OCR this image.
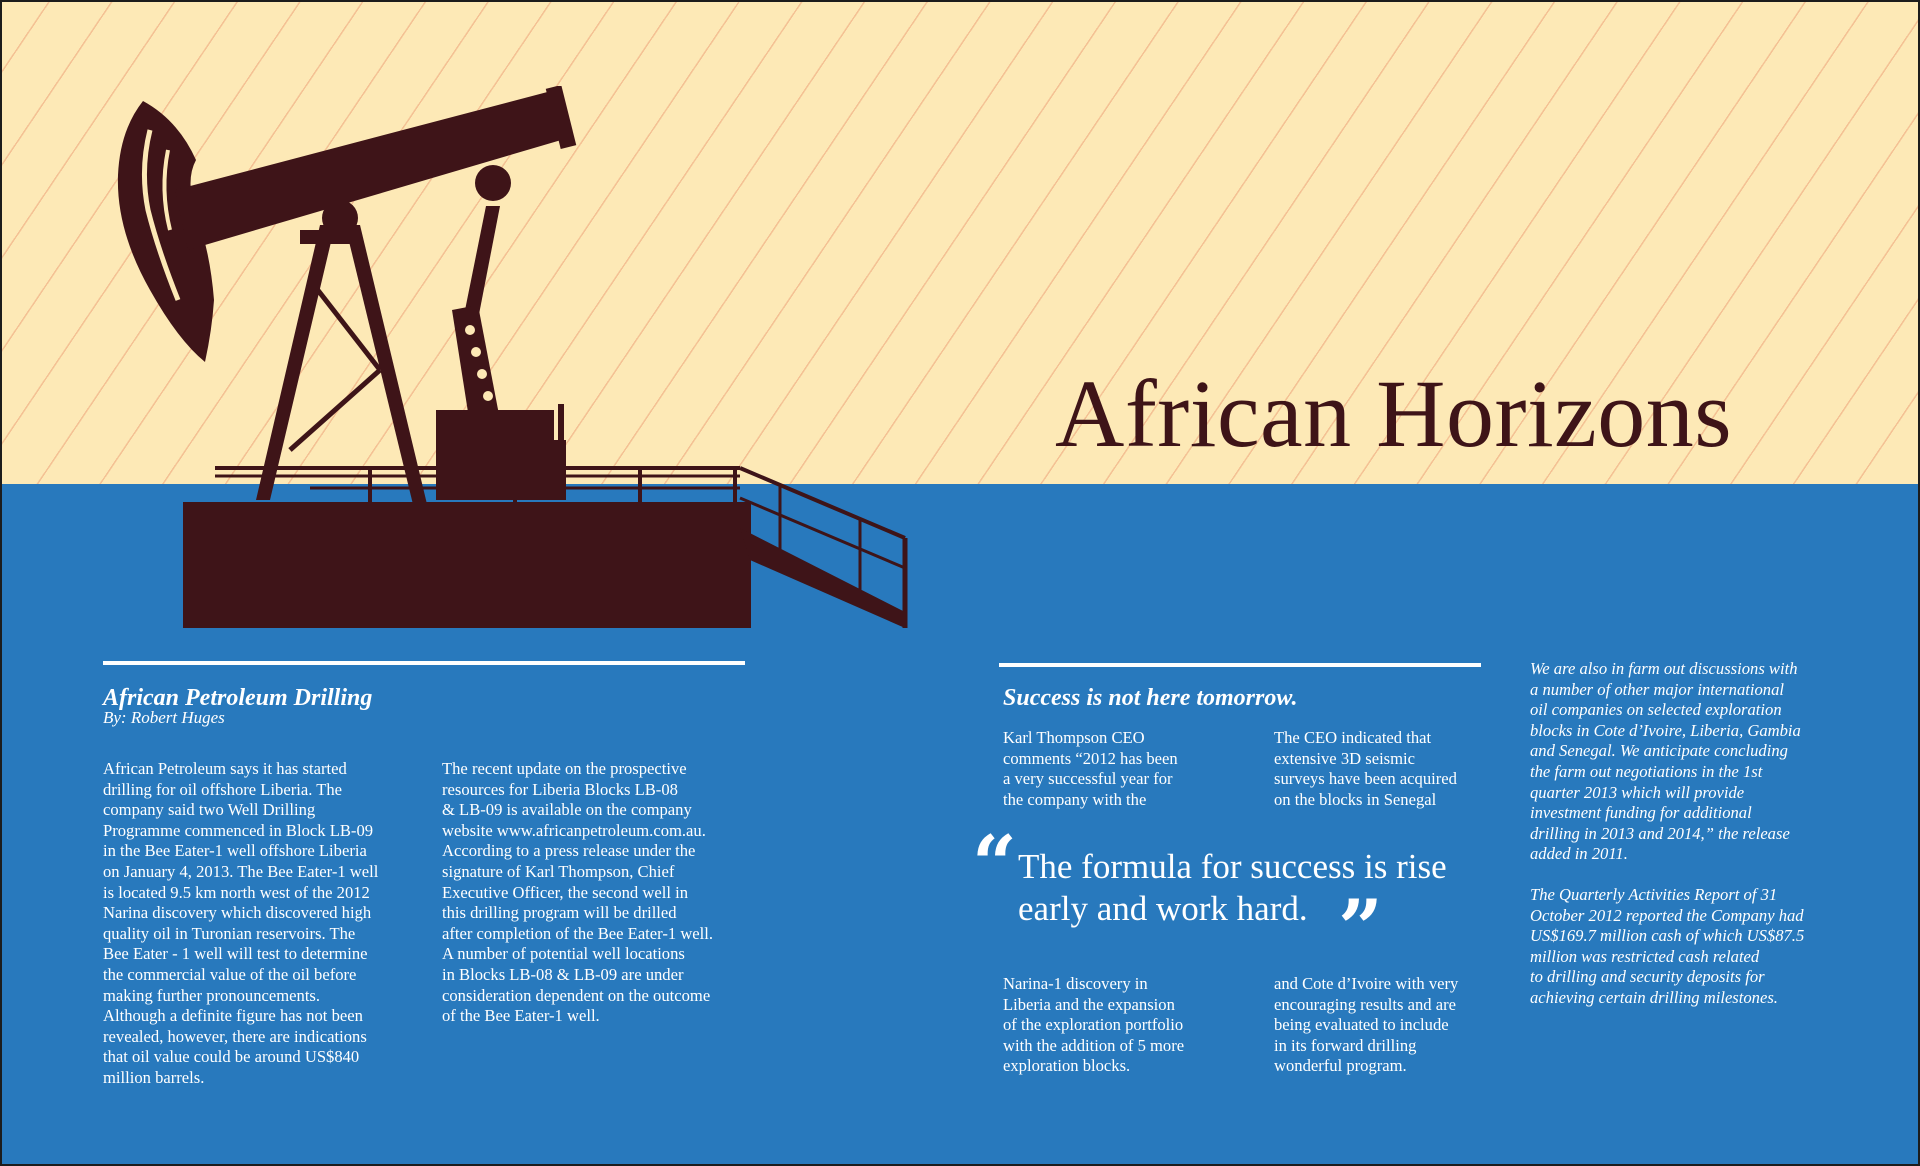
African Horizons
African Petroleum Drilling
By: Robert Huges
African Petroleum says it has started
drilling for oil offshore Liberia. The
company said two Well Drilling
Programme commenced in Block LB-09
in the Bee Eater-1 well offshore Liberia
on January 4, 2013. The Bee Eater-1 well
is located 9.5 km north west of the 2012
Narina discovery which discovered high
quality oil in Turonian reservoirs. The
Bee Eater - 1 well will test to determine
the commercial value of the oil before
making further pronouncements.
Although a definite figure has not been
revealed, however, there are indications
that oil value could be around US$840
million barrels.
The recent update on the prospective
resources for Liberia Blocks LB-08
& LB-09 is available on the company
website www.africanpetroleum.com.au.
According to a press release under the
signature of Karl Thompson, Chief
Executive Officer, the second well in
this drilling program will be drilled
after completion of the Bee Eater-1 well.
A number of potential well locations
in Blocks LB-08 & LB-09 are under
consideration dependent on the outcome
of the Bee Eater-1 well.
Success is not here tomorrow.
Karl Thompson CEO
comments “2012 has been
a very successful year for
the company with the
The CEO indicated that
extensive 3D seismic
surveys have been acquired
on the blocks in Senegal
“ The formula for success is rise
early and work hard. ”
Narina-1 discovery in
Liberia and the expansion
of the exploration portfolio
with the addition of 5 more
exploration blocks.
and Cote d’Ivoire with very
encouraging results and are
being evaluated to include
in its forward drilling
wonderful program.
We are also in farm out discussions with
a number of other major international
oil companies on selected exploration
blocks in Cote d’Ivoire, Liberia, Gambia
and Senegal. We anticipate concluding
the farm out negotiations in the 1st
quarter 2013 which will provide
investment funding for additional
drilling in 2013 and 2014,” the release
added in 2011.
The Quarterly Activities Report of 31
October 2012 reported the Company had
US$169.7 million cash of which US$87.5
million was restricted cash related
to drilling and security deposits for
achieving certain drilling milestones.
